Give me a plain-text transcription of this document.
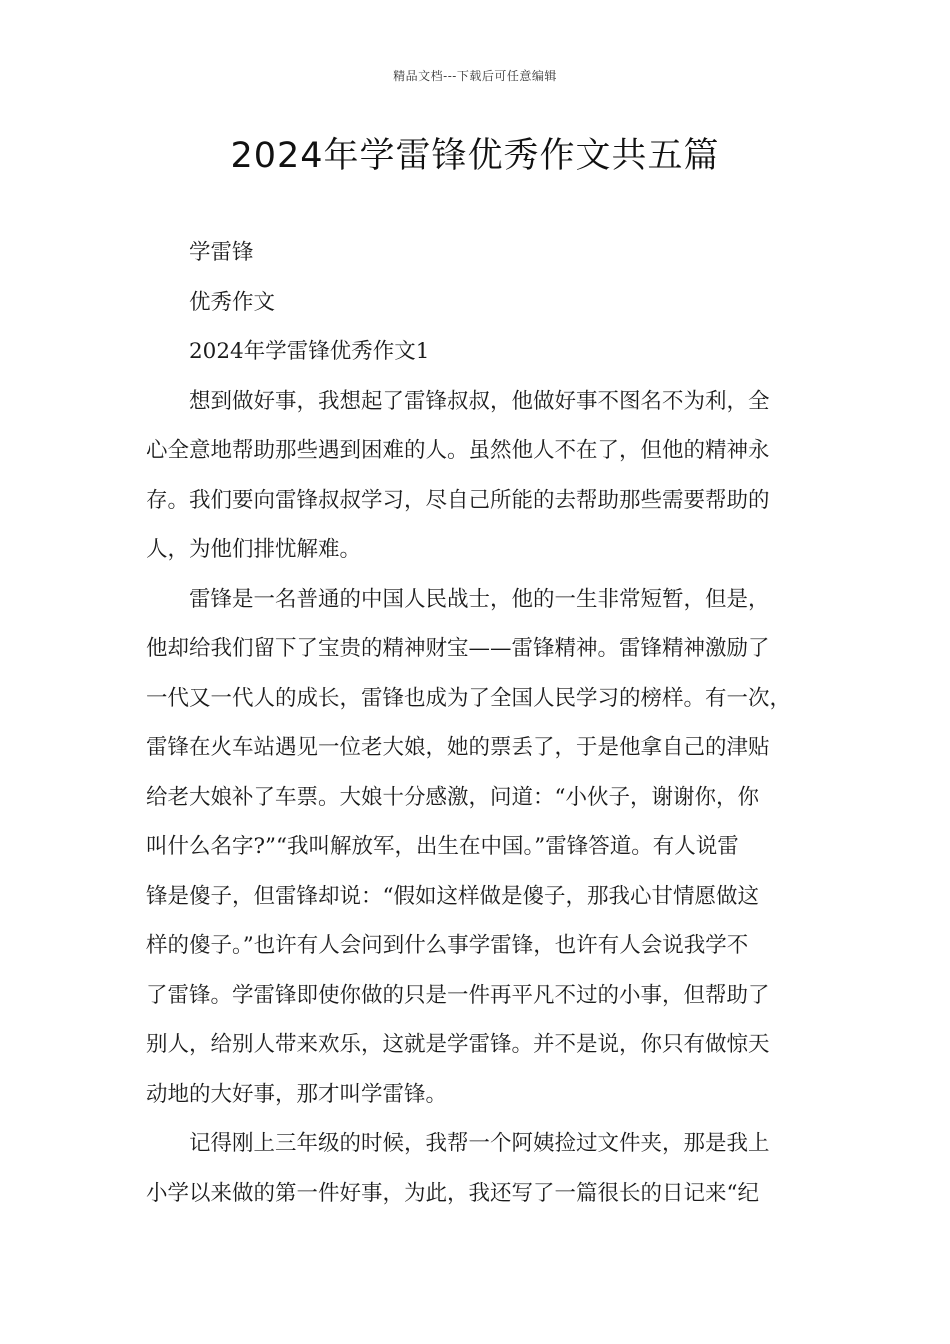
精品文档---下载后可任意编辑
2024年学雷锋优秀作文共五篇
学雷锋
优秀作文
2024年学雷锋优秀作文1
想到做好事，我想起了雷锋叔叔，他做好事不图名不为利，全
心全意地帮助那些遇到困难的人。虽然他人不在了，但他的精神永
存。我们要向雷锋叔叔学习，尽自己所能的去帮助那些需要帮助的
人，为他们排忧解难。
雷锋是一名普通的中国人民战士，他的一生非常短暂，但是，
他却给我们留下了宝贵的精神财宝——雷锋精神。雷锋精神激励了
一代又一代人的成长，雷锋也成为了全国人民学习的榜样。有一次，
雷锋在火车站遇见一位老大娘，她的票丢了，于是他拿自己的津贴
给老大娘补了车票。大娘十分感激，问道：“小伙子，谢谢你，你
叫什么名字?”“我叫解放军，出生在中国。”雷锋答道。有人说雷
锋是傻子，但雷锋却说：“假如这样做是傻子，那我心甘情愿做这
样的傻子。”也许有人会问到什么事学雷锋，也许有人会说我学不
了雷锋。学雷锋即使你做的只是一件再平凡不过的小事，但帮助了
别人，给别人带来欢乐，这就是学雷锋。并不是说，你只有做惊天
动地的大好事，那才叫学雷锋。
记得刚上三年级的时候，我帮一个阿姨捡过文件夹，那是我上
小学以来做的第一件好事，为此，我还写了一篇很长的日记来“纪
